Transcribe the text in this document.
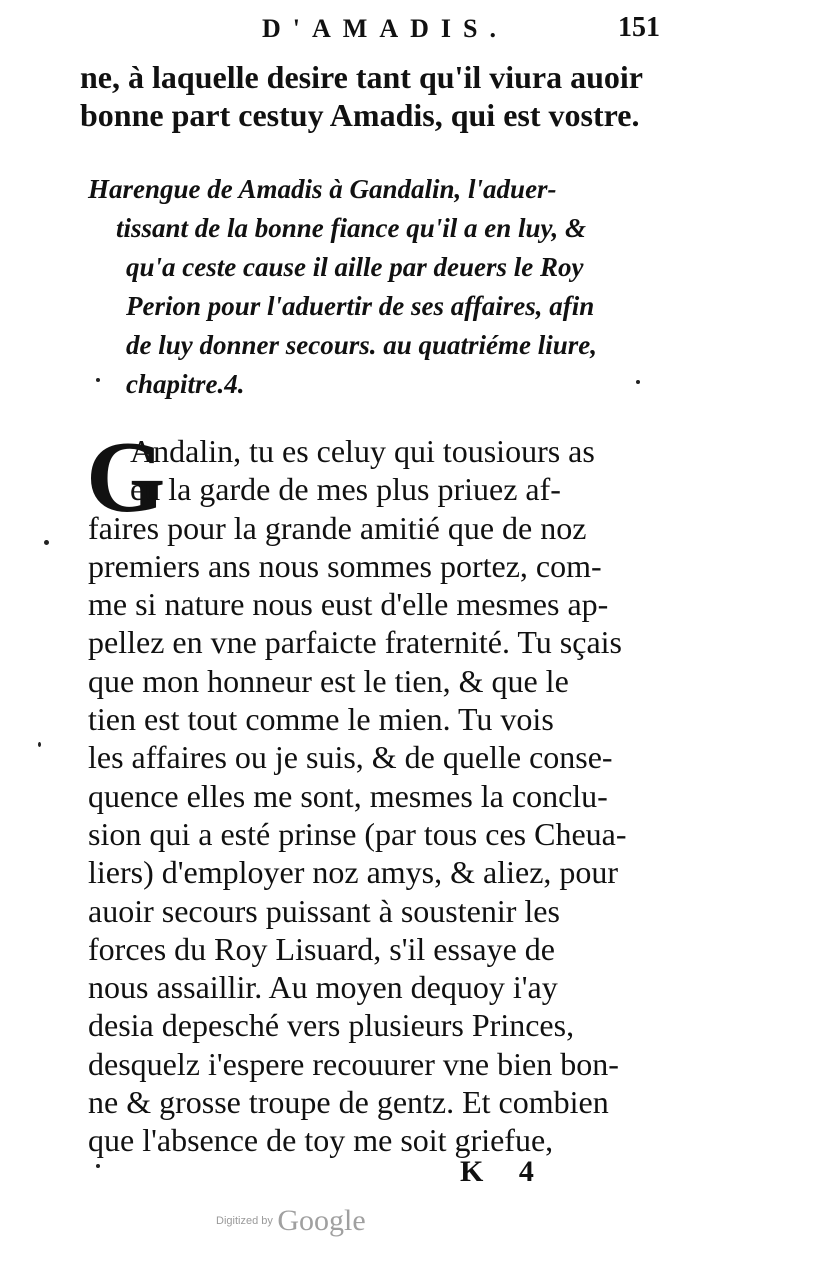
D'AMADIS.	151
ne, à laquelle desire tant qu'il viura auoir
bonne part cestuy Amadis, qui est vostre.
Harengue de Amadis à Gandalin, l'aduer-
tissant de la bonne fiance qu'il a en luy, &
qu'a ceste cause il aille par deuers le Roy
Perion pour l'aduertir de ses affaires, afin
de luy donner secours. au quatriéme liure,
chapitre.4.
G
Andalin, tu es celuy qui tousiours as
eu la garde de mes plus priuez af-
faires pour la grande amitié que de noz
premiers ans nous sommes portez, com-
me si nature nous eust d'elle mesmes ap-
pellez en vne parfaicte fraternité. Tu sçais
que mon honneur est le tien, & que le
tien est tout comme le mien. Tu vois
les affaires ou je suis, & de quelle conse-
quence elles me sont, mesmes la conclu-
sion qui a esté prinse (par tous ces Cheua-
liers) d'employer noz amys, & aliez, pour
auoir secours puissant à soustenir les
forces du Roy Lisuard, s'il essaye de
nous assaillir. Au moyen dequoy i'ay
desia depesché vers plusieurs Princes,
desquelz i'espere recouurer vne bien bon-
ne & grosse troupe de gentz. Et combien
que l'absence de toy me soit griefue,
K 4
Digitized by Google
